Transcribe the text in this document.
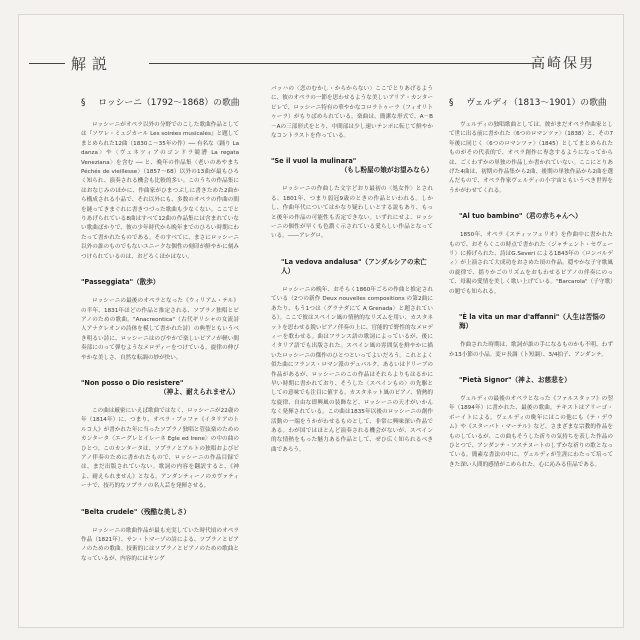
解説	高崎保男
§ ロッシーニ（1792〜1868）の歌曲

ロッシーニがオペラ以外の分野でのこした歌曲作品としては『ソワレ・ミュジカール Les soirées musicales』と題してまとめられた12曲（1830こ〜35年の作）── 有名な〈踊り La danza〉や〈ヴェネツィアのゴンドラ競漕 La regata Veneziana〉を含む ── と、晩年の作品集〈老いのあやまち Péchés de vieillesse〉（1857〜68）以外の13曲が最もひろく知られ、演奏される機会も比較的多い。このうちの作品集にはおなじみのほかに、作曲家がひまつぶしに書きためた2曲から構成される小品で、それ以外にも、多数のオペラの作曲の間を縫ってきまぐれに書きつづった歌曲も少なくない。ここでとりあげられている8曲はすべて12曲の作品集には含まれていない歌曲ばかりで、彼の少年時代から晩年までのひろい時期にわたって書かれたものである。そのすべてに、まさにロッシーニ以外の誰のものでもないユニークな個性の刻印が鮮やかに刻みつけられているのは、おどろくほかはない。

"Passeggiata"（散歩）

ロッシーニの最後のオペラとなった《ウィリアム・テル》の半年、1831年ほどの作品と推定される、ソプラノ独唱とピアノのための歌曲。"Anacreontica"（古代ギリシャの女流詩人アナクレオンの詩体を模して書かれた詩）の典型ともいうべき明るい詩に、ロッシーニはのびやかで楽しいピアノが軽い間奏部にのって弾むようなメロディーをつけている。旋律の伸びやかな美しさ、自然な転調の妙が快い。

"Non posso o Dio resistere"
（神よ、耐えられません）

この曲は厳密にいえば歌曲ではなく、ロッシーニが22歳の年（1814年）に、つまり、オペラ・ブッファ《イタリアのトルコ人》が書かれた年に当ったソプラノ独唱と管弦楽のためのカンタータ〈エーグレとイレーネ Egle ed Irene〉の中の曲のひとつ。このカンタータは、ソプラノとアルトの独唱およびピアノ伴奏のために書かれたもので、ロッシーニの作品目録では、まだ出版されていない。歌詞の内容を翻訳すると、《神よ、耐えられません》となる。アンダンティーノのカヴァティーナで、技巧的なソプラノの名人芸を発揮させる。

"Belta crudele"（残酷な美しさ）

ロッシーニの歌曲作品が最も充実していた時代頃のオペラ作品（1821年）、サン・トマーゾの詩による、ソプラノとピアノのための歌曲。技術的にはソプラノとピアノのための歌曲となっているが、内容的にはヤング

バッハの〈恋のむかし・からからない〉ここでとりあげるように、彼のオペラの一節を思わせるような美しいアリア・カンタービレで、ロッシーニ特有の華やかなコロラトゥーラ（フィオリトゥーラ）がもりばめられている。楽曲は、簡潔な形式で、A－B－Aの三部形式をとり、中間部は少し速いテンポに転じて鮮やかなコントラストを作っている。

"Se il vuol la mulinara"
（もし粉屋の娘がお望みなら）

ロッシーニの作曲した文字どおり最初の〈処女作〉とされる、1801年、つまり弱冠9歳のときの作品といわれる。しかし、作曲年代についてはかなり疑わしいとする説もあり、もっと後年の作品の可能性も否定できない。いずれにせよ、ロッシーニの個性が早くも色濃く示されている愛らしい作品となっている。――アレグロ。

"La vedova andalusa"（アンダルシアの未亡人）

ロッシーニの晩年、おそらく1860年ごろの作曲と推定されている（2つの新作 Deux nouvelles compositions の第2曲にあたり、もう1つは〈グラナダにて A Grenada〉と題されている）。ここで彼はスペイン風の情熱的なリズムを用い、カスタネットを思わせる鋭いピアノ伴奏の上に、官能的で野性的なメロディーを歌わせる。曲はフランス語の歌詞によっているが、後にイタリア語でも出版された。スペイン風の雰囲気を鮮やかに描いたロッシーニの傑作のひとつといってよいだろう。これとよく似た曲にフランス・ロマン派のデュパルク、あるいはドリーブの作品があるが、ロッシーニのこの作品はそれらよりもはるかに早い時期に書かれており、そうした〈スペインもの〉の先駆としての意味でも注目に値する。カスタネット風のピアノ、情熱的な旋律、自由な即興風の装飾など、ロッシーニの天才がいかんなく発揮されている。この曲は1835年以後のロッシーニの創作活動の一端をうかがわせるものとして、非常に興味深い作品である。わが国ではほとんど演奏される機会がないが、スペイン的な情熱をもった魅力ある作品として、ぜひ広く知られるべき曲であろう。

§ ヴェルディ（1813〜1901）の歌曲

ヴェルディの独唱歌曲としては、彼がまだオペラ作曲家として世に出る前に書かれた〈6つのロマンツァ〉（1838）と、その7年後に同じく〈6つのロマンツァ〉（1845）としてまとめられたものがその代表的で、オペラ創作に専念するようになってからは、ごくわずかの単独の作品しか書かれていない。ここにとりあげた4曲は、初期の作品集から2曲、後期の単独作品から2曲を選んだもので、オペラ作家ヴェルディの小宇宙ともいうべき世界をうかがわせてくれる。

"Al tuo bambino"（君の赤ちゃんへ）

1850年、オペラ《スティッフェリオ》を作曲中に書かれたもので、おそらくこの時点で書かれた〈ジャチェント・セヴェーリ〉に捧げられた、詩はG.Severi による1843年の〈ロンバルディ〉が上演されて大成功をおさめた頃の作品。穏やかな子守歌風の旋律で、揺りかごのリズムをおもわせるピアノの伴奏にのって、母親の愛情を美しく歌い上げている。"Barcarola"（子守歌）の題でも知られる。

"È la vita un mar d'affanni"（人生は苦悩の海）

作曲された時期は、歌詞が誰の手になるものかも不明、わずか13小節の小品。変ロ長調（ト短調）、3/4拍子、アンダンテ。

"Pietà Signor"（神よ、お慈悲を）

ヴェルディの最後のオペラとなった《ファルスタッフ》の翌年（1894年）に書かれた、最後の歌曲。テキストはアリーゴ・ボーイトによる。ヴェルディの晩年にはこの他にも《テ・デウム》や《スターバト・マーテル》など、さまざまな宗教的作品をものしているが、この曲もそうした祈りの気持ちを表した作品のひとつで、アンダンテ・ソステヌートのしずかな祈りの歌となっている。簡素な書法の中に、ヴェルディが生涯にわたって培ってきた深い人間的感情がこめられた、心に沁みる佳品である。
